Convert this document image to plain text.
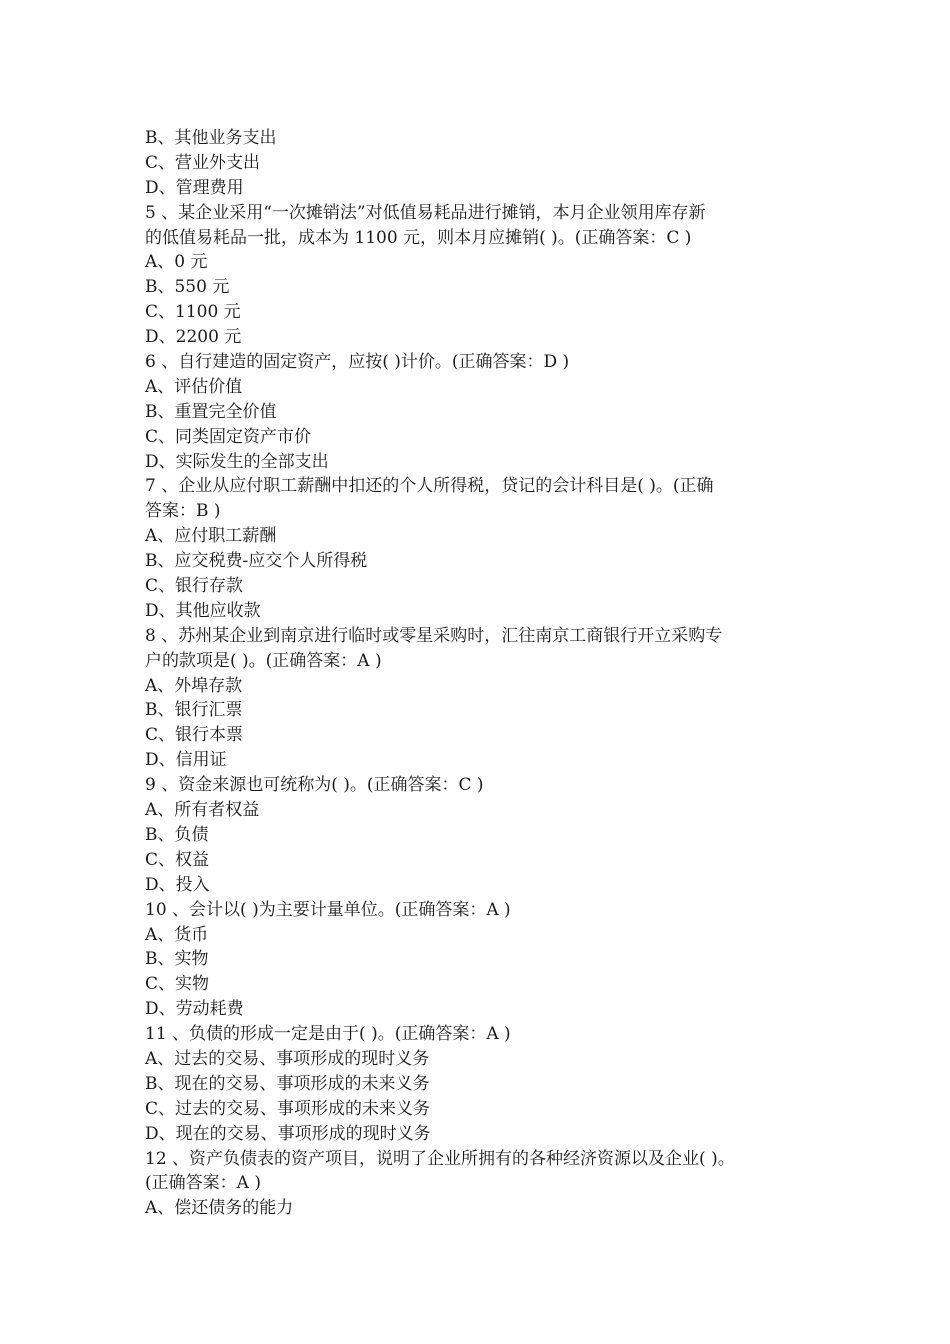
B、其他业务支出

C、营业外支出

D、管理费用

5 、某企业采用“一次摊销法”对低值易耗品进行摊销，本月企业领用库存新

的低值易耗品一批，成本为 1100 元，则本月应摊销( )。(正确答案：C )

A、0 元

B、550 元

C、1100 元

D、2200 元

6 、自行建造的固定资产，应按( )计价。(正确答案：D )

A、评估价值

B、重置完全价值

C、同类固定资产市价

D、实际发生的全部支出

7 、企业从应付职工薪酬中扣还的个人所得税，贷记的会计科目是( )。(正确

答案：B )

A、应付职工薪酬

B、应交税费-应交个人所得税

C、银行存款

D、其他应收款

8 、苏州某企业到南京进行临时或零星采购时，汇往南京工商银行开立采购专

户的款项是( )。(正确答案：A )

A、外埠存款

B、银行汇票

C、银行本票

D、信用证

9 、资金来源也可统称为( )。(正确答案：C )

A、所有者权益

B、负债

C、权益

D、投入

10 、会计以( )为主要计量单位。(正确答案：A )

A、货币

B、实物

C、实物

D、劳动耗费

11 、负债的形成一定是由于( )。(正确答案：A )

A、过去的交易、事项形成的现时义务

B、现在的交易、事项形成的未来义务

C、过去的交易、事项形成的未来义务

D、现在的交易、事项形成的现时义务

12 、资产负债表的资产项目，说明了企业所拥有的各种经济资源以及企业( )。

(正确答案：A )

A、偿还债务的能力
